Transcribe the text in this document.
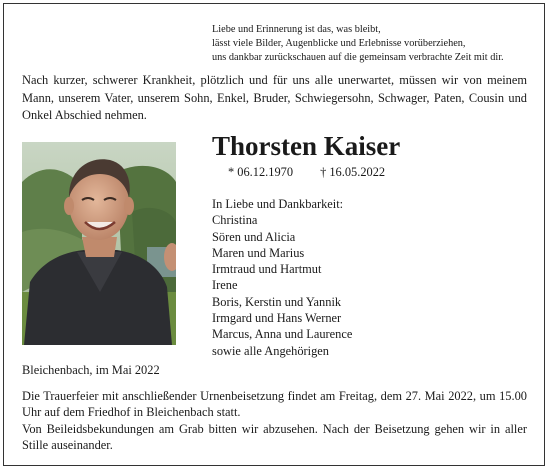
Liebe und Erinnerung ist das, was bleibt,
lässt viele Bilder, Augenblicke und Erlebnisse vorüberziehen,
uns dankbar zurückschauen auf die gemeinsam verbrachte Zeit mit dir.
Nach kurzer, schwerer Krankheit, plötzlich und für uns alle unerwartet, müssen wir von meinem Mann, unserem Vater, unserem Sohn, Enkel, Bruder, Schwiegersohn, Schwager, Paten, Cousin und Onkel Abschied nehmen.
Thorsten Kaiser
* 06.12.1970 † 16.05.2022
In Liebe und Dankbarkeit:
Christina
Sören und Alicia
Maren und Marius
Irmtraud und Hartmut
Irene
Boris, Kerstin und Yannik
Irmgard und Hans Werner
Marcus, Anna und Laurence
sowie alle Angehörigen
Bleichenbach, im Mai 2022

Die Trauerfeier mit anschließender Urnenbeisetzung findet am Freitag, dem 27. Mai 2022, um 15.00 Uhr auf dem Friedhof in Bleichenbach statt.

Von Beileidsbekundungen am Grab bitten wir abzusehen. Nach der Beisetzung gehen wir in aller Stille auseinander.
